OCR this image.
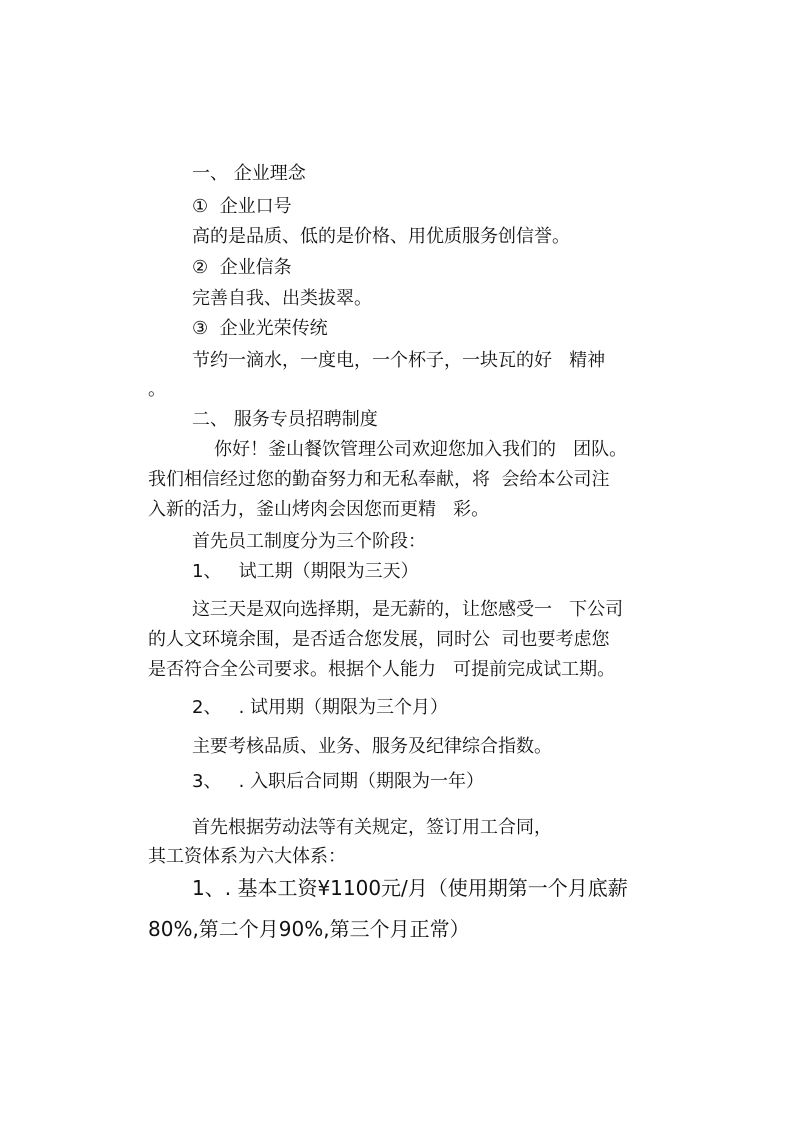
一、 企业理念
①  企业口号
高的是品质、低的是价格、用优质服务创信誉。
②  企业信条
完善自我、出类拔翠。
③  企业光荣传统
节约一滴水，一度电，一个杯子，一块瓦的好   精神
。
二、 服务专员招聘制度
你好！釜山餐饮管理公司欢迎您加入我们的   团队。
我们相信经过您的勤奋努力和无私奉献，将  会给本公司注
入新的活力，釜山烤肉会因您而更精   彩。
首先员工制度分为三个阶段：
1、   试工期（期限为三天）
这三天是双向选择期，是无薪的，让您感受一   下公司
的人文环境余围，是否适合您发展，同时公  司也要考虑您
是否符合全公司要求。根据个人能力   可提前完成试工期。
2、   . 试用期（期限为三个月）
主要考核品质、业务、服务及纪律综合指数。
3、   . 入职后合同期（期限为一年）
首先根据劳动法等有关规定，签订用工合同，
其工资体系为六大体系：
1、. 基本工资¥1100元/月（使用期第一个月底薪
80%,第二个月90%,第三个月正常）
